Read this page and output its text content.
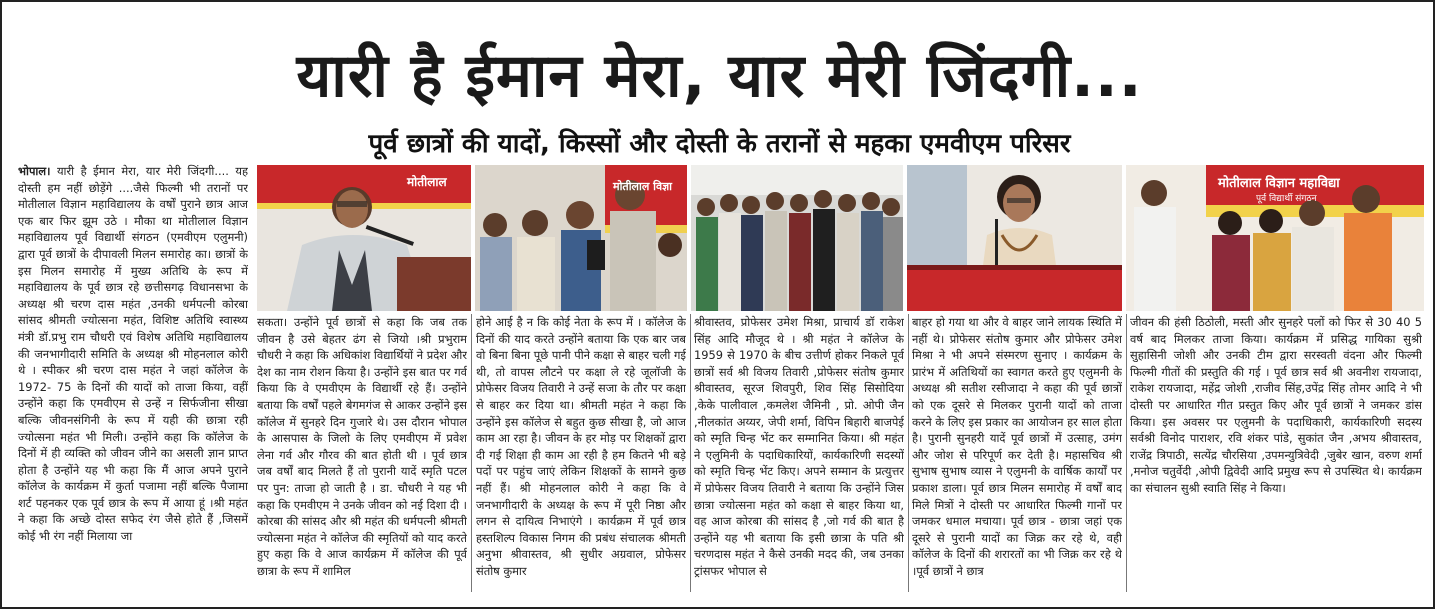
यारी है ईमान मेरा, यार मेरी जिंदगी...
पूर्व छात्रों की यादों, किस्सों और दोस्ती के तरानों से महका एमवीएम परिसर
भोपाल। यारी है ईमान मेरा, यार मेरी जिंदगी.... यह दोस्ती हम नहीं छोड़ेंगे ....जैसे फिल्मी भी तरानों पर मोतीलाल विज्ञान महाविद्यालय के वर्षों पुराने छात्र आज एक बार फिर झूम उठे । मौका था मोतीलाल विज्ञान महाविद्यालय पूर्व विद्यार्थी संगठन (एमवीएम एलुमनी) द्वारा पूर्व छात्रों के दीपावली मिलन समारोह का। छात्रों के इस मिलन समारोह में मुख्य अतिथि के रूप में महाविद्यालय के पूर्व छात्र रहे छत्तीसगढ़ विधानसभा के अध्यक्ष श्री चरण दास महंत ,उनकी धर्मपत्नी कोरबा सांसद श्रीमती ज्योत्सना महंत, विशिष्ट अतिथि स्वास्थ्य मंत्री डॉ.प्रभु राम चौधरी एवं विशेष अतिथि महाविद्यालय की जनभागीदारी समिति के अध्यक्ष श्री मोहनलाल कोरी थे । स्पीकर श्री चरण दास महंत ने जहां कॉलेज के 1972- 75 के दिनों की यादों को ताजा किया, वहीं उन्होंने कहा कि एमवीएम से उन्हें न सिर्फजीना सीखा बल्कि जीवनसंगिनी के रूप में यही की छात्रा रही ज्योत्सना महंत भी मिली। उन्होंने कहा कि कॉलेज के दिनों में ही व्यक्ति को जीवन जीने का असली ज्ञान प्राप्त होता है उन्होंने यह भी कहा कि मैं आज अपने पुराने कॉलेज के कार्यक्रम में कुर्ता पजामा नहीं बल्कि पैजामा शर्ट पहनकर एक पूर्व छात्र के रूप में आया हूं ।श्री महंत ने कहा कि अच्छे दोस्त सफेद रंग जैसे होते हैं ,जिसमें कोई भी रंग नहीं मिलाया जा
मोतीलाल	मोतीलाल विज्ञा	मोतीलाल विज्ञान महाविद्या
पूर्व विद्यार्थी संगठन
सकता। उन्होंने पूर्व छात्रों से कहा कि जब तक जीवन है उसे बेहतर ढंग से जियो ।श्री प्रभुराम चौधरी ने कहा कि अधिकांश विद्यार्थियों ने प्रदेश और देश का नाम रोशन किया है। उन्होंने इस बात पर गर्व किया कि वे एमवीएम के विद्यार्थी रहे हैं। उन्होंने बताया कि वर्षों पहले बेगमगंज से आकर उन्होंने इस कॉलेज में सुनहरे दिन गुजारे थे। उस दौरान भोपाल के आसपास के जिलो के लिए एमवीएम में प्रवेश लेना गर्व और गौरव की बात होती थी । पूर्व छात्र जब वर्षों बाद मिलते हैं तो पुरानी यादें स्मृति पटल पर पुन: ताजा हो जाती है । डा. चौधरी ने यह भी कहा कि एमवीएम ने उनके जीवन को नई दिशा दी । कोरबा की सांसद और श्री महंत की धर्मपत्नी श्रीमती ज्योत्सना महंत ने कॉलेज की स्मृतियों को याद करते हुए कहा कि वे आज कार्यक्रम में कॉलेज की पूर्व छात्रा के रूप में शामिल
होने आई है न कि कोई नेता के रूप में । कॉलेज के दिनों की याद करते उन्होंने बताया कि एक बार जब वो बिना बिना पूछे पानी पीने कक्षा से बाहर चली गई थी, तो वापस लौटने पर कक्षा ले रहे जूलॉजी के प्रोफेसर विजय तिवारी ने उन्हें सजा के तौर पर कक्षा से बाहर कर दिया था। श्रीमती महंत ने कहा कि उन्होंने इस कॉलेज से बहुत कुछ सीखा है, जो आज काम आ रहा है। जीवन के हर मोड़ पर शिक्षकों द्वारा दी गई शिक्षा ही काम आ रही है हम कितने भी बड़े पदों पर पहुंच जाएं लेकिन शिक्षकों के सामने कुछ नहीं हैं। श्री मोहनलाल कोरी ने कहा कि वे जनभागीदारी के अध्यक्ष के रूप में पूरी निष्ठा और लगन से दायित्व निभाएंगे । कार्यक्रम में पूर्व छात्र हस्तशिल्प विकास निगम की प्रबंध संचालक श्रीमती अनुभा श्रीवास्तव, श्री सुधीर अग्रवाल, प्रोफेसर संतोष कुमार
श्रीवास्तव, प्रोफेसर उमेश मिश्रा, प्राचार्य डॉ राकेश सिंह आदि मौजूद थे । श्री महंत ने कॉलेज के 1959 से 1970 के बीच उत्तीर्ण होकर निकले पूर्व छात्रों सर्व श्री विजय तिवारी ,प्रोफेसर संतोष कुमार श्रीवास्तव, सूरज शिवपुरी, शिव सिंह सिसोदिया ,केके पालीवाल ,कमलेश जैमिनी , प्रो. ओपी जैन ,नीलकांत अय्यर, जेपी शर्मा, विपिन बिहारी बाजपेई को स्मृति चिन्ह भेंट कर सम्मानित किया। श्री महंत ने एलुमिनी के पदाधिकारियों, कार्यकारिणी सदस्यों को स्मृति चिन्ह भेंट किए। अपने सम्मान के प्रत्युत्तर में प्रोफेसर विजय तिवारी ने बताया कि उन्होंने जिस छात्रा ज्योत्सना महंत को कक्षा से बाहर किया था, वह आज कोरबा की सांसद है ,जो गर्व की बात है उन्होंने यह भी बताया कि इसी छात्रा के पति श्री चरणदास महंत ने कैसे उनकी मदद की, जब उनका ट्रांसफर भोपाल से
बाहर हो गया था और वे बाहर जाने लायक स्थिति में नहीं थे। प्रोफेसर संतोष कुमार और प्रोफेसर उमेश मिश्रा ने भी अपने संस्मरण सुनाए । कार्यक्रम के प्रारंभ में अतिथियों का स्वागत करते हुए एलुमनी के अध्यक्ष श्री सतीश रसीजादा ने कहा की पूर्व छात्रों को एक दूसरे से मिलकर पुरानी यादों को ताजा करने के लिए इस प्रकार का आयोजन हर साल होता है। पुरानी सुनहरी यादें पूर्व छात्रों में उत्साह, उमंग और जोश से परिपूर्ण कर देती है। महासचिव श्री सुभाष सुभाष व्यास ने एलुमनी के वार्षिक कार्यों पर प्रकाश डाला। पूर्व छात्र मिलन समारोह में वर्षों बाद मिले मित्रों ने दोस्ती पर आधारित फिल्मी गानों पर जमकर धमाल मचाया। पूर्व छात्र - छात्रा जहां एक दूसरे से पुरानी यादों का जिक्र कर रहे थे, वही कॉलेज के दिनों की शरारतों का भी जिक्र कर रहे थे ।पूर्व छात्रों ने छात्र
जीवन की हंसी ठिठोली, मस्ती और सुनहरे पलों को फिर से 30 40 5 वर्ष बाद मिलकर ताजा किया। कार्यक्रम में प्रसिद्ध गायिका सुश्री सुहासिनी जोशी और उनकी टीम द्वारा सरस्वती वंदना और फिल्मी फिल्मी गीतों की प्रस्तुति की गई । पूर्व छात्र सर्व श्री अवनीश रायजादा, राकेश रायजादा, महेंद्र जोशी ,राजीव सिंह,उपेंद्र सिंह तोमर आदि ने भी दोस्ती पर आधारित गीत प्रस्तुत किए और पूर्व छात्रों ने जमकर डांस किया। इस अवसर पर एलुमनी के पदाधिकारी, कार्यकारिणी सदस्य सर्वश्री विनोद पाराशर, रवि शंकर पांडे, सुकांत जैन ,अभय श्रीवास्तव, राजेंद्र त्रिपाठी, सत्येंद्र चौरसिया ,उपमन्युत्रिवेदी ,जुबेर खान, वरुण शर्मा ,मनोज चतुर्वेदी ,ओपी द्विवेदी आदि प्रमुख रूप से उपस्थित थे। कार्यक्रम का संचालन सुश्री स्वाति सिंह ने किया।
